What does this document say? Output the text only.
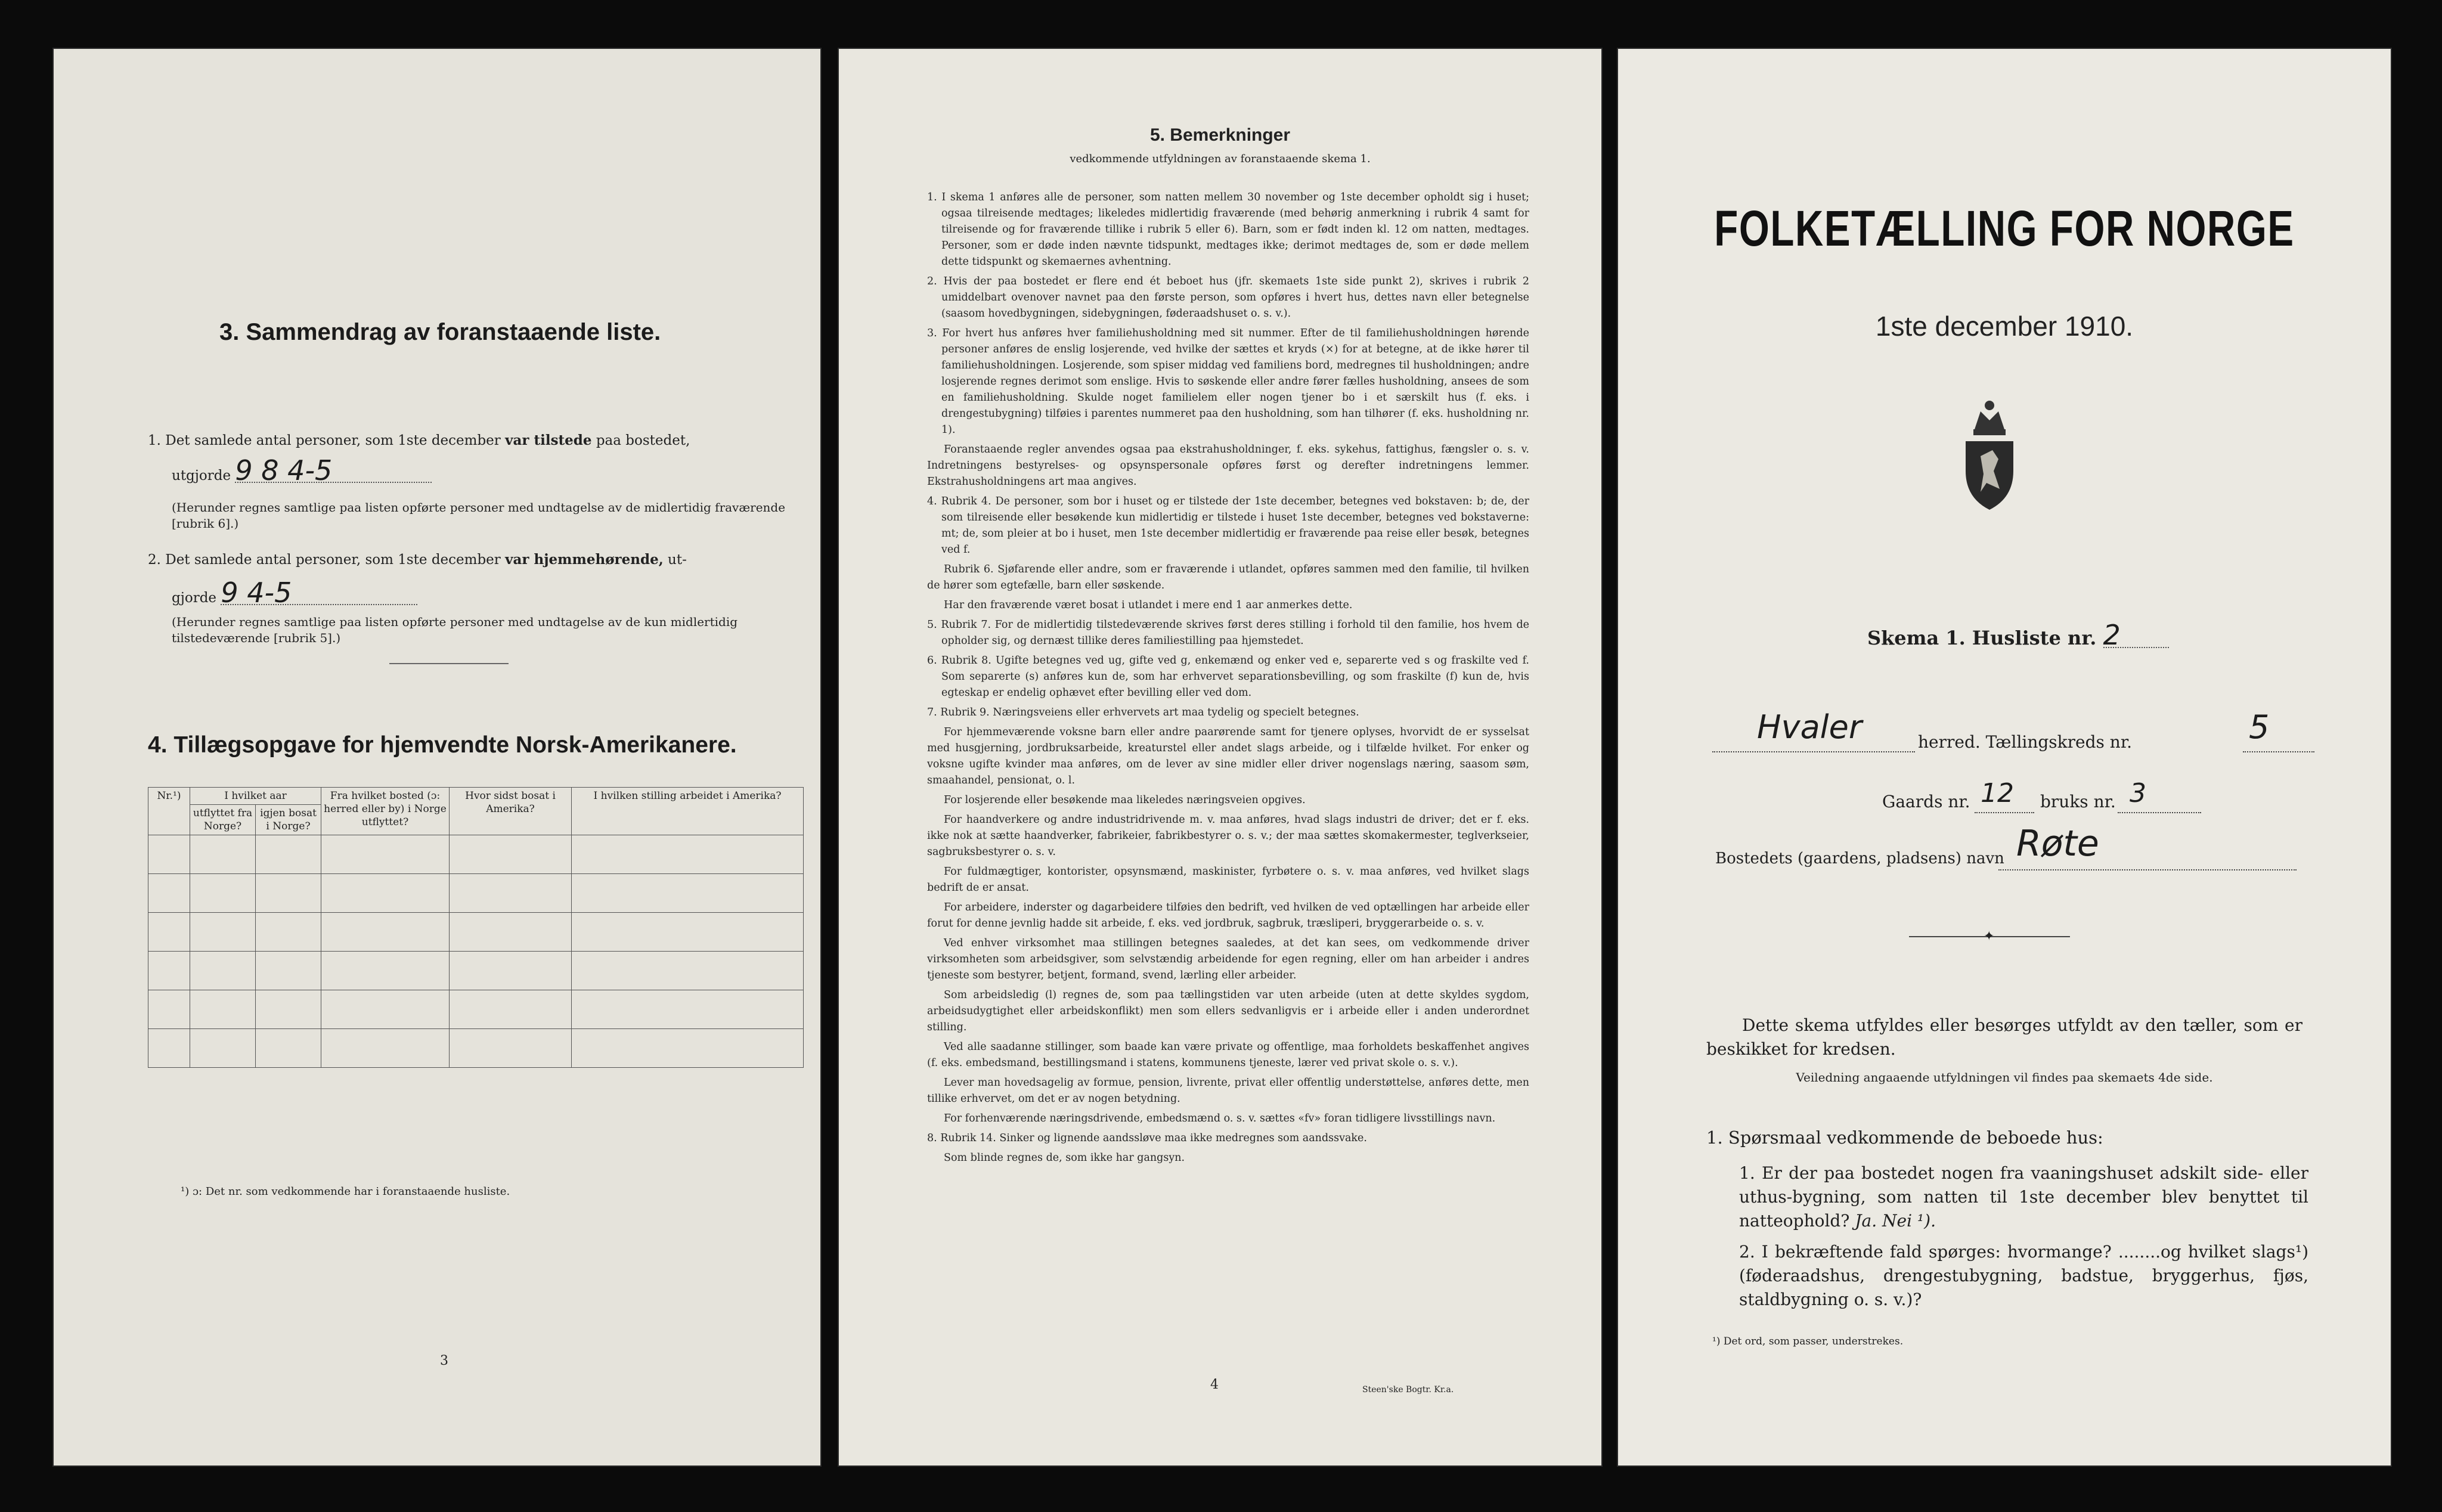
3. Sammendrag av foranstaaende liste.
1. Det samlede antal personer, som 1ste december var tilstede paa bostedet,
utgjorde 9 8 4-5
(Herunder regnes samtlige paa listen opførte personer med undtagelse av de midlertidig fraværende [rubrik 6].)
2. Det samlede antal personer, som 1ste december var hjemmehørende, ut-
gjorde 9 4-5
(Herunder regnes samtlige paa listen opførte personer med undtagelse av de kun midlertidig tilstedeværende [rubrik 5].)
4. Tillægsopgave for hjemvendte Norsk-Amerikanere.
Nr.¹)	I hvilket aar		Fra hvilket bosted (ɔ: herred eller by) i Norge utflyttet?	Hvor sidst bosat i Amerika?	I hvilken stilling arbeidet i Amerika?
	utflyttet fra Norge?	igjen bosat i Norge?			

¹) ɔ: Det nr. som vedkommende har i foranstaaende husliste.
3
5. Bemerkninger
vedkommende utfyldningen av foranstaaende skema 1.

1. I skema 1 anføres alle de personer, som natten mellem 30 november og 1ste december opholdt sig i huset; ogsaa tilreisende medtages; likeledes midlertidig fraværende (med behørig anmerkning i rubrik 4 samt for tilreisende og for fraværende tillike i rubrik 5 eller 6). Barn, som er født inden kl. 12 om natten, medtages. Personer, som er døde inden nævnte tidspunkt, medtages ikke; derimot medtages de, som er døde mellem dette tidspunkt og skemaernes avhentning.

2. Hvis der paa bostedet er flere end ét beboet hus (jfr. skemaets 1ste side punkt 2), skrives i rubrik 2 umiddelbart ovenover navnet paa den første person, som opføres i hvert hus, dettes navn eller betegnelse (saasom hovedbygningen, sidebygningen, føderaadshuset o. s. v.).

3. For hvert hus anføres hver familiehusholdning med sit nummer. Efter de til familiehusholdningen hørende personer anføres de enslig losjerende, ved hvilke der sættes et kryds (×) for at betegne, at de ikke hører til familiehusholdningen. Losjerende, som spiser middag ved familiens bord, medregnes til husholdningen; andre losjerende regnes derimot som enslige. Hvis to søskende eller andre fører fælles husholdning, ansees de som en familiehusholdning. Skulde noget familielem eller nogen tjener bo i et særskilt hus (f. eks. i drengestubygning) tilføies i parentes nummeret paa den husholdning, som han tilhører (f. eks. husholdning nr. 1).

Foranstaaende regler anvendes ogsaa paa ekstrahusholdninger, f. eks. sykehus, fattighus, fængsler o. s. v. Indretningens bestyrelses- og opsynspersonale opføres først og derefter indretningens lemmer. Ekstrahusholdningens art maa angives.

4. Rubrik 4. De personer, som bor i huset og er tilstede der 1ste december, betegnes ved bokstaven: b; de, der som tilreisende eller besøkende kun midlertidig er tilstede i huset 1ste december, betegnes ved bokstaverne: mt; de, som pleier at bo i huset, men 1ste december midlertidig er fraværende paa reise eller besøk, betegnes ved f.

Rubrik 6. Sjøfarende eller andre, som er fraværende i utlandet, opføres sammen med den familie, til hvilken de hører som egtefælle, barn eller søskende.

Har den fraværende været bosat i utlandet i mere end 1 aar anmerkes dette.

5. Rubrik 7. For de midlertidig tilstedeværende skrives først deres stilling i forhold til den familie, hos hvem de opholder sig, og dernæst tillike deres familiestilling paa hjemstedet.

6. Rubrik 8. Ugifte betegnes ved ug, gifte ved g, enkemænd og enker ved e, separerte ved s og fraskilte ved f. Som separerte (s) anføres kun de, som har erhvervet separationsbevilling, og som fraskilte (f) kun de, hvis egteskap er endelig ophævet efter bevilling eller ved dom.

7. Rubrik 9. Næringsveiens eller erhvervets art maa tydelig og specielt betegnes.

For hjemmeværende voksne barn eller andre paarørende samt for tjenere oplyses, hvorvidt de er sysselsat med husgjerning, jordbruksarbeide, kreaturstel eller andet slags arbeide, og i tilfælde hvilket. For enker og voksne ugifte kvinder maa anføres, om de lever av sine midler eller driver nogenslags næring, saasom søm, smaahandel, pensionat, o. l.

For losjerende eller besøkende maa likeledes næringsveien opgives.

For haandverkere og andre industridrivende m. v. maa anføres, hvad slags industri de driver; det er f. eks. ikke nok at sætte haandverker, fabrikeier, fabrikbestyrer o. s. v.; der maa sættes skomakermester, teglverkseier, sagbruksbestyrer o. s. v.

For fuldmægtiger, kontorister, opsynsmænd, maskinister, fyrbøtere o. s. v. maa anføres, ved hvilket slags bedrift de er ansat.

For arbeidere, inderster og dagarbeidere tilføies den bedrift, ved hvilken de ved optællingen har arbeide eller forut for denne jevnlig hadde sit arbeide, f. eks. ved jordbruk, sagbruk, træsliperi, bryggerarbeide o. s. v.

Ved enhver virksomhet maa stillingen betegnes saaledes, at det kan sees, om vedkommende driver virksomheten som arbeidsgiver, som selvstændig arbeidende for egen regning, eller om han arbeider i andres tjeneste som bestyrer, betjent, formand, svend, lærling eller arbeider.

Som arbeidsledig (l) regnes de, som paa tællingstiden var uten arbeide (uten at dette skyldes sygdom, arbeidsudygtighet eller arbeidskonflikt) men som ellers sedvanligvis er i arbeide eller i anden underordnet stilling.

Ved alle saadanne stillinger, som baade kan være private og offentlige, maa forholdets beskaffenhet angives (f. eks. embedsmand, bestillingsmand i statens, kommunens tjeneste, lærer ved privat skole o. s. v.).

Lever man hovedsagelig av formue, pension, livrente, privat eller offentlig understøttelse, anføres dette, men tillike erhvervet, om det er av nogen betydning.

For forhenværende næringsdrivende, embedsmænd o. s. v. sættes «fv» foran tidligere livsstillings navn.

8. Rubrik 14. Sinker og lignende aandssløve maa ikke medregnes som aandssvake.

Som blinde regnes de, som ikke har gangsyn.

4	Steen'ske Bogtr. Kr.a.
FOLKETÆLLING FOR NORGE
1ste december 1910.
Skema 1. Husliste nr. 2
Hvaler	herred. Tællingskreds nr.	5
Gaards nr. 12 bruks nr. 3
Bostedets (gaardens, pladsens) navn Røte
✦
Dette skema utfyldes eller besørges utfyldt av den tæller, som er beskikket for kredsen.
Veiledning angaaende utfyldningen vil findes paa skemaets 4de side.
1. Spørsmaal vedkommende de beboede hus:
1. Er der paa bostedet nogen fra vaaningshuset adskilt side- eller uthus-bygning, som natten til 1ste december blev benyttet til natteophold? Ja. Nei ¹).
2. I bekræftende fald spørges: hvormange? ........og hvilket slags¹) (føderaadshus, drengestubygning, badstue, bryggerhus, fjøs, staldbygning o. s. v.)?
¹) Det ord, som passer, understrekes.
